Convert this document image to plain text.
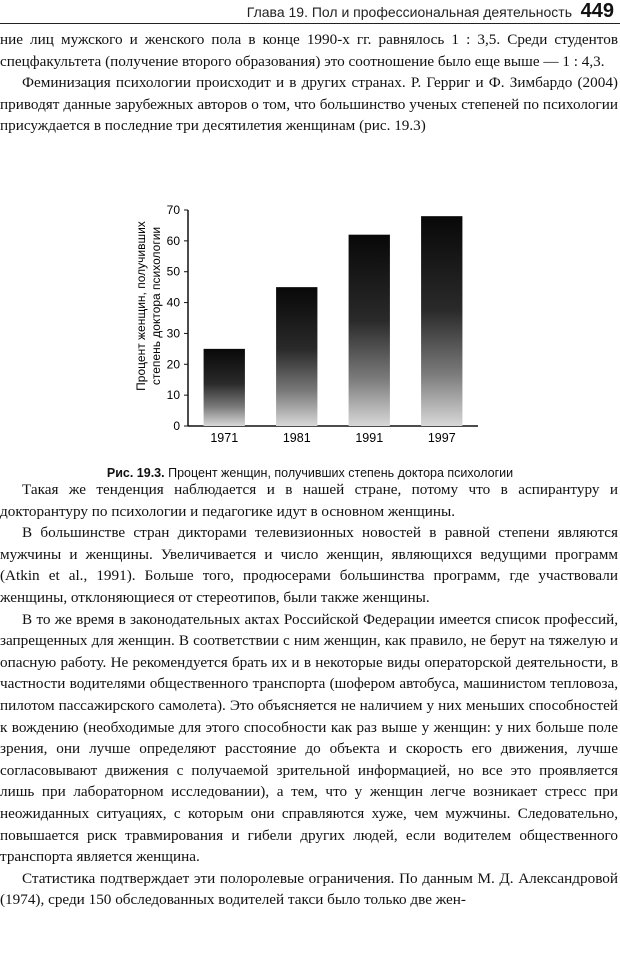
Глава 19. Пол и профессиональная деятельность 449

ние лиц мужского и женского пола в конце 1990-х гг. равнялось 1 : 3,5. Среди студентов спецфакультета (получение второго образования) это соотношение было еще выше — 1 : 4,3.

Феминизация психологии происходит и в других странах. Р. Герриг и Ф. Зимбардо (2004) приводят данные зарубежных авторов о том, что большинство ученых степеней по психологии присуждается в последние три десятилетия женщинам (рис. 19.3)

Процент женщин, получившихстепень доктора психологии
0
10
20
30
40
50
60
70
1971	1981	1991	1997
Рис. 19.3. Процент женщин, получивших степень доктора психологии

Такая же тенденция наблюдается и в нашей стране, потому что в аспирантуру и докторантуру по психологии и педагогике идут в основном женщины.

В большинстве стран дикторами телевизионных новостей в равной степени являются мужчины и женщины. Увеличивается и число женщин, являющихся ведущими программ (Atkin et al., 1991). Больше того, продюсерами большинства программ, где участвовали женщины, отклоняющиеся от стереотипов, были также женщины.

В то же время в законодательных актах Российской Федерации имеется список профессий, запрещенных для женщин. В соответствии с ним женщин, как правило, не берут на тяжелую и опасную работу. Не рекомендуется брать их и в некоторые виды операторской деятельности, в частности водителями общественного транспорта (шофером автобуса, машинистом тепловоза, пилотом пассажирского самолета). Это объясняется не наличием у них меньших способностей к вождению (необходимые для этого способности как раз выше у женщин: у них больше поле зрения, они лучше определяют расстояние до объекта и скорость его движения, лучше согласовывают движения с получаемой зрительной информацией, но все это проявляется лишь при лабораторном исследовании), а тем, что у женщин легче возникает стресс при неожиданных ситуациях, с которым они справляются хуже, чем мужчины. Следовательно, повышается риск травмирования и гибели других людей, если водителем общественного транспорта является женщина.

Статистика подтверждает эти полоролевые ограничения. По данным М. Д. Александровой (1974), среди 150 обследованных водителей такси было только две жен-
